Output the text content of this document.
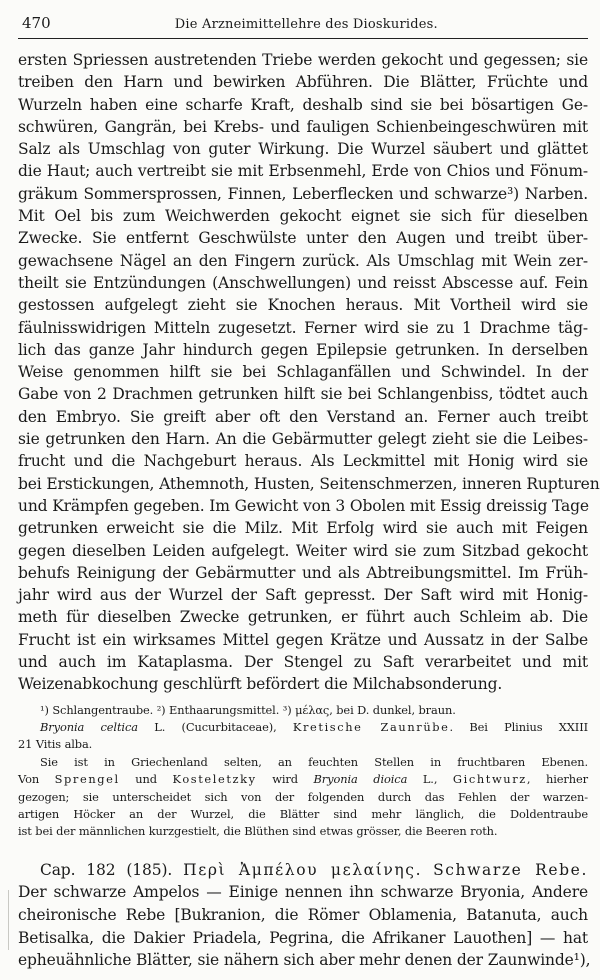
470	Die Arzneimittellehre des Dioskurides.
ersten Spriessen austretenden Triebe werden gekocht und gegessen; sie
treiben den Harn und bewirken Abführen. Die Blätter, Früchte und
Wurzeln haben eine scharfe Kraft, deshalb sind sie bei bösartigen Ge-
schwüren, Gangrän, bei Krebs- und fauligen Schienbeingeschwüren mit
Salz als Umschlag von guter Wirkung. Die Wurzel säubert und glättet
die Haut; auch vertreibt sie mit Erbsenmehl, Erde von Chios und Fönum-
gräkum Sommersprossen, Finnen, Leberflecken und schwarze³) Narben.
Mit Oel bis zum Weichwerden gekocht eignet sie sich für dieselben
Zwecke. Sie entfernt Geschwülste unter den Augen und treibt über-
gewachsene Nägel an den Fingern zurück. Als Umschlag mit Wein zer-
theilt sie Entzündungen (Anschwellungen) und reisst Abscesse auf. Fein
gestossen aufgelegt zieht sie Knochen heraus. Mit Vortheil wird sie
fäulnisswidrigen Mitteln zugesetzt. Ferner wird sie zu 1 Drachme täg-
lich das ganze Jahr hindurch gegen Epilepsie getrunken. In derselben
Weise genommen hilft sie bei Schlaganfällen und Schwindel. In der
Gabe von 2 Drachmen getrunken hilft sie bei Schlangenbiss, tödtet auch
den Embryo. Sie greift aber oft den Verstand an. Ferner auch treibt
sie getrunken den Harn. An die Gebärmutter gelegt zieht sie die Leibes-
frucht und die Nachgeburt heraus. Als Leckmittel mit Honig wird sie
bei Erstickungen, Athemnoth, Husten, Seitenschmerzen, inneren Rupturen
und Krämpfen gegeben. Im Gewicht von 3 Obolen mit Essig dreissig Tage
getrunken erweicht sie die Milz. Mit Erfolg wird sie auch mit Feigen
gegen dieselben Leiden aufgelegt. Weiter wird sie zum Sitzbad gekocht
behufs Reinigung der Gebärmutter und als Abtreibungsmittel. Im Früh-
jahr wird aus der Wurzel der Saft gepresst. Der Saft wird mit Honig-
meth für dieselben Zwecke getrunken, er führt auch Schleim ab. Die
Frucht ist ein wirksames Mittel gegen Krätze und Aussatz in der Salbe
und auch im Kataplasma. Der Stengel zu Saft verarbeitet und mit
Weizenabkochung geschlürft befördert die Milchabsonderung.
¹) Schlangentraube. ²) Enthaarungsmittel. ³) μέλας, bei D. dunkel, braun.
Bryonia celtica L. (Cucurbitaceae), Kretische Zaunrübe. Bei Plinius XXIII
21 Vitis alba.
Sie ist in Griechenland selten, an feuchten Stellen in fruchtbaren Ebenen.
Von Sprengel und Kosteletzky wird Bryonia dioica L., Gichtwurz, hierher
gezogen; sie unterscheidet sich von der folgenden durch das Fehlen der warzen-
artigen Höcker an der Wurzel, die Blätter sind mehr länglich, die Doldentraube
ist bei der männlichen kurzgestielt, die Blüthen sind etwas grösser, die Beeren roth.
Cap. 182 (185). Περὶ Ἀμπέλου μελαίνης. Schwarze Rebe.
Der schwarze Ampelos — Einige nennen ihn schwarze Bryonia, Andere
cheironische Rebe [Bukranion, die Römer Oblamenia, Batanuta, auch
Betisalka, die Dakier Priadela, Pegrina, die Afrikaner Lauothen] — hat
epheuähnliche Blätter, sie nähern sich aber mehr denen der Zaunwinde¹),
